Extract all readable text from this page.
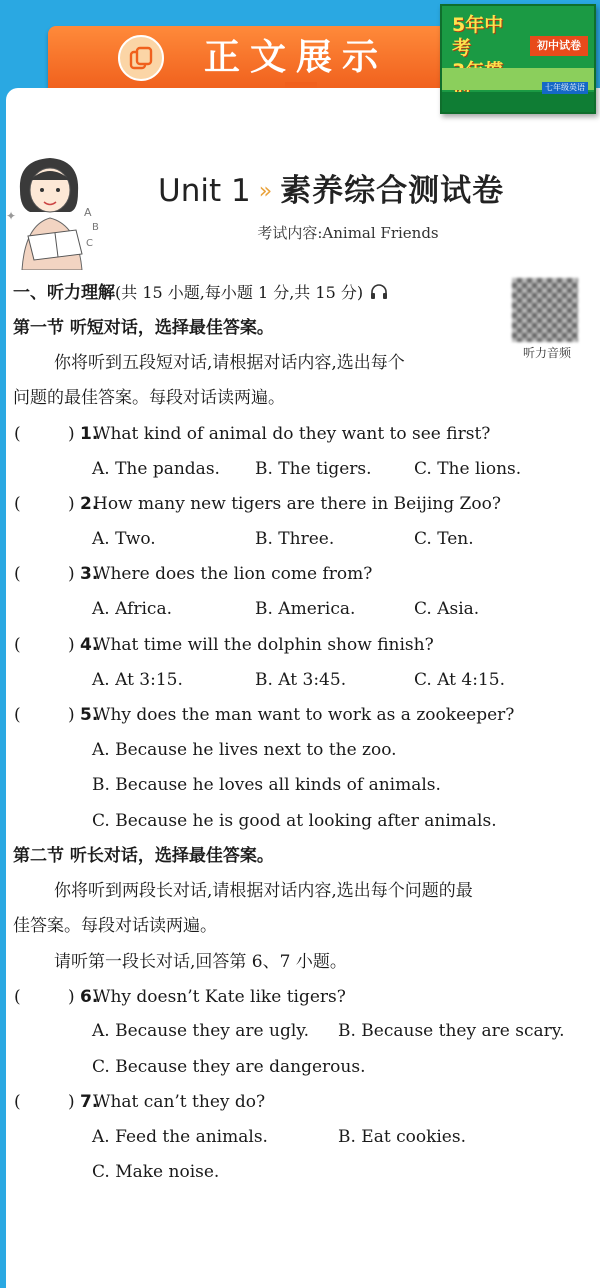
正文展示
5年中考	初中试卷
七年级英语
A
B
C
✦
Unit 1 » 素养综合测试卷
考试内容:Animal Friends
听力音频
一、听力理解(共 15 小题,每小题 1 分,共 15 分)
第一节 听短对话，选择最佳答案。
你将听到五段短对话,请根据对话内容,选出每个
问题的最佳答案。每段对话读两遍。
(	) 1.
What kind of animal do they want to see first?
A. The pandas. B. The tigers. C. The lions.
(	) 2.
How many new tigers are there in Beijing Zoo?
A. Two.	B. Three.	C. Ten.
(	) 3.
Where does the lion come from?
A. Africa.	B. America.	C. Asia.
(	) 4.
What time will the dolphin show finish?
A. At 3:15.	B. At 3:45.	C. At 4:15.
(	) 5.
Why does the man want to work as a zookeeper?
A. Because he lives next to the zoo.
B. Because he loves all kinds of animals.
C. Because he is good at looking after animals.
第二节 听长对话，选择最佳答案。
你将听到两段长对话,请根据对话内容,选出每个问题的最
佳答案。每段对话读两遍。
请听第一段长对话,回答第 6、7 小题。
(	) 6.
Why doesn’t Kate like tigers?
A. Because they are ugly. B. Because they are scary.
C. Because they are dangerous.
(	) 7.
What can’t they do?
A. Feed the animals.	B. Eat cookies.
C. Make noise.
